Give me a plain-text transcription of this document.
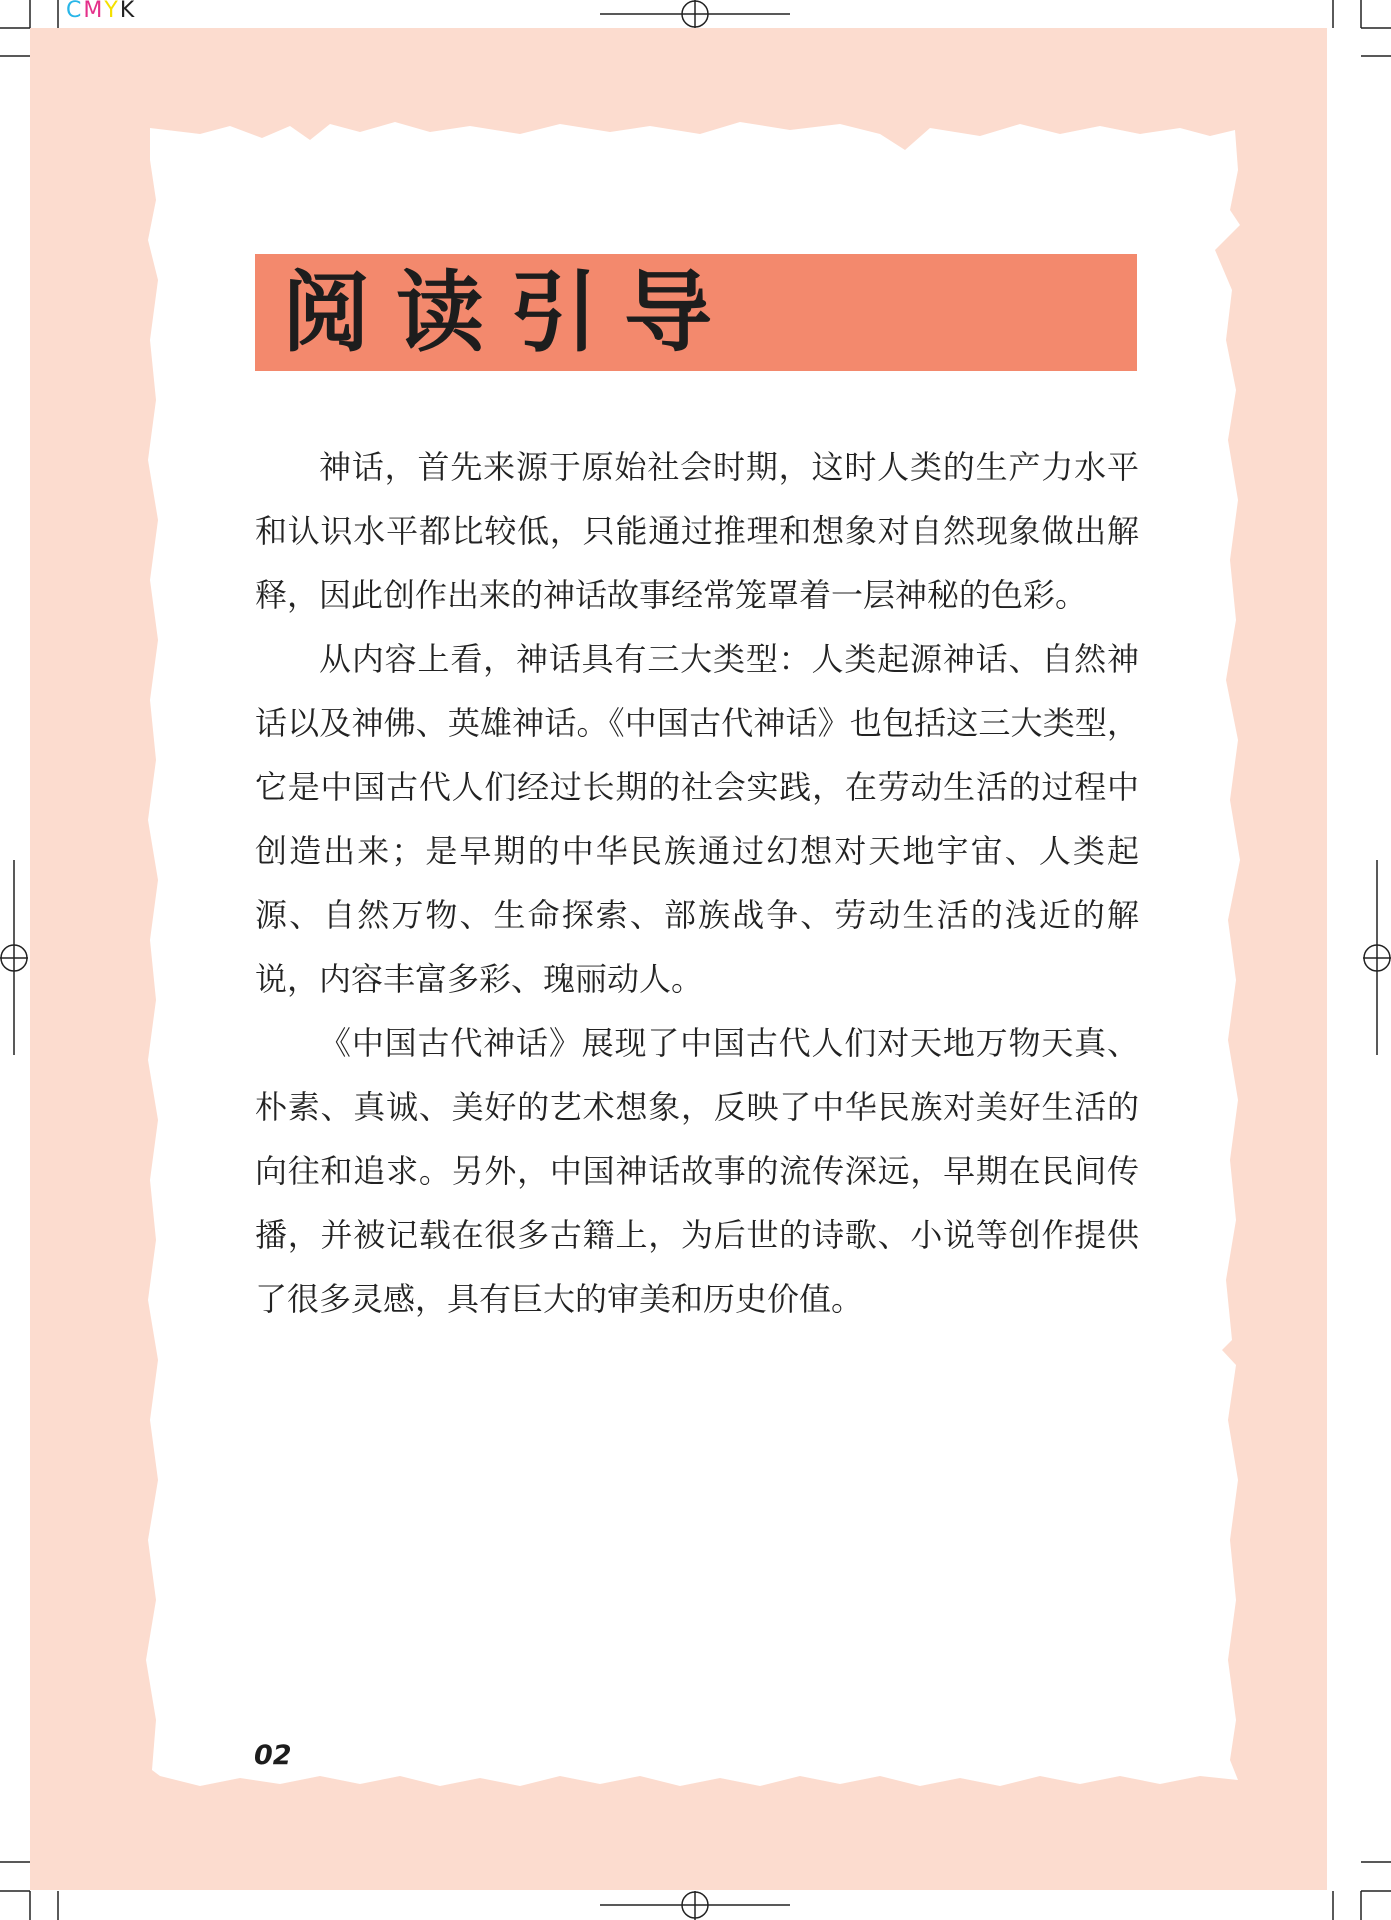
CMYK
阅读引导

神话，首先来源于原始社会时期，这时人类的生产力水平和认识水平都比较低，只能通过推理和想象对自然现象做出解释，因此创作出来的神话故事经常笼罩着一层神秘的色彩。

从内容上看，神话具有三大类型：人类起源神话、自然神话以及神佛、英雄神话。《中国古代神话》也包括这三大类型，它是中国古代人们经过长期的社会实践，在劳动生活的过程中创造出来；是早期的中华民族通过幻想对天地宇宙、人类起源、自然万物、生命探索、部族战争、劳动生活的浅近的解说，内容丰富多彩、瑰丽动人。

《中国古代神话》展现了中国古代人们对天地万物天真、朴素、真诚、美好的艺术想象，反映了中华民族对美好生活的向往和追求。另外，中国神话故事的流传深远，早期在民间传播，并被记载在很多古籍上，为后世的诗歌、小说等创作提供了很多灵感，具有巨大的审美和历史价值。

02
